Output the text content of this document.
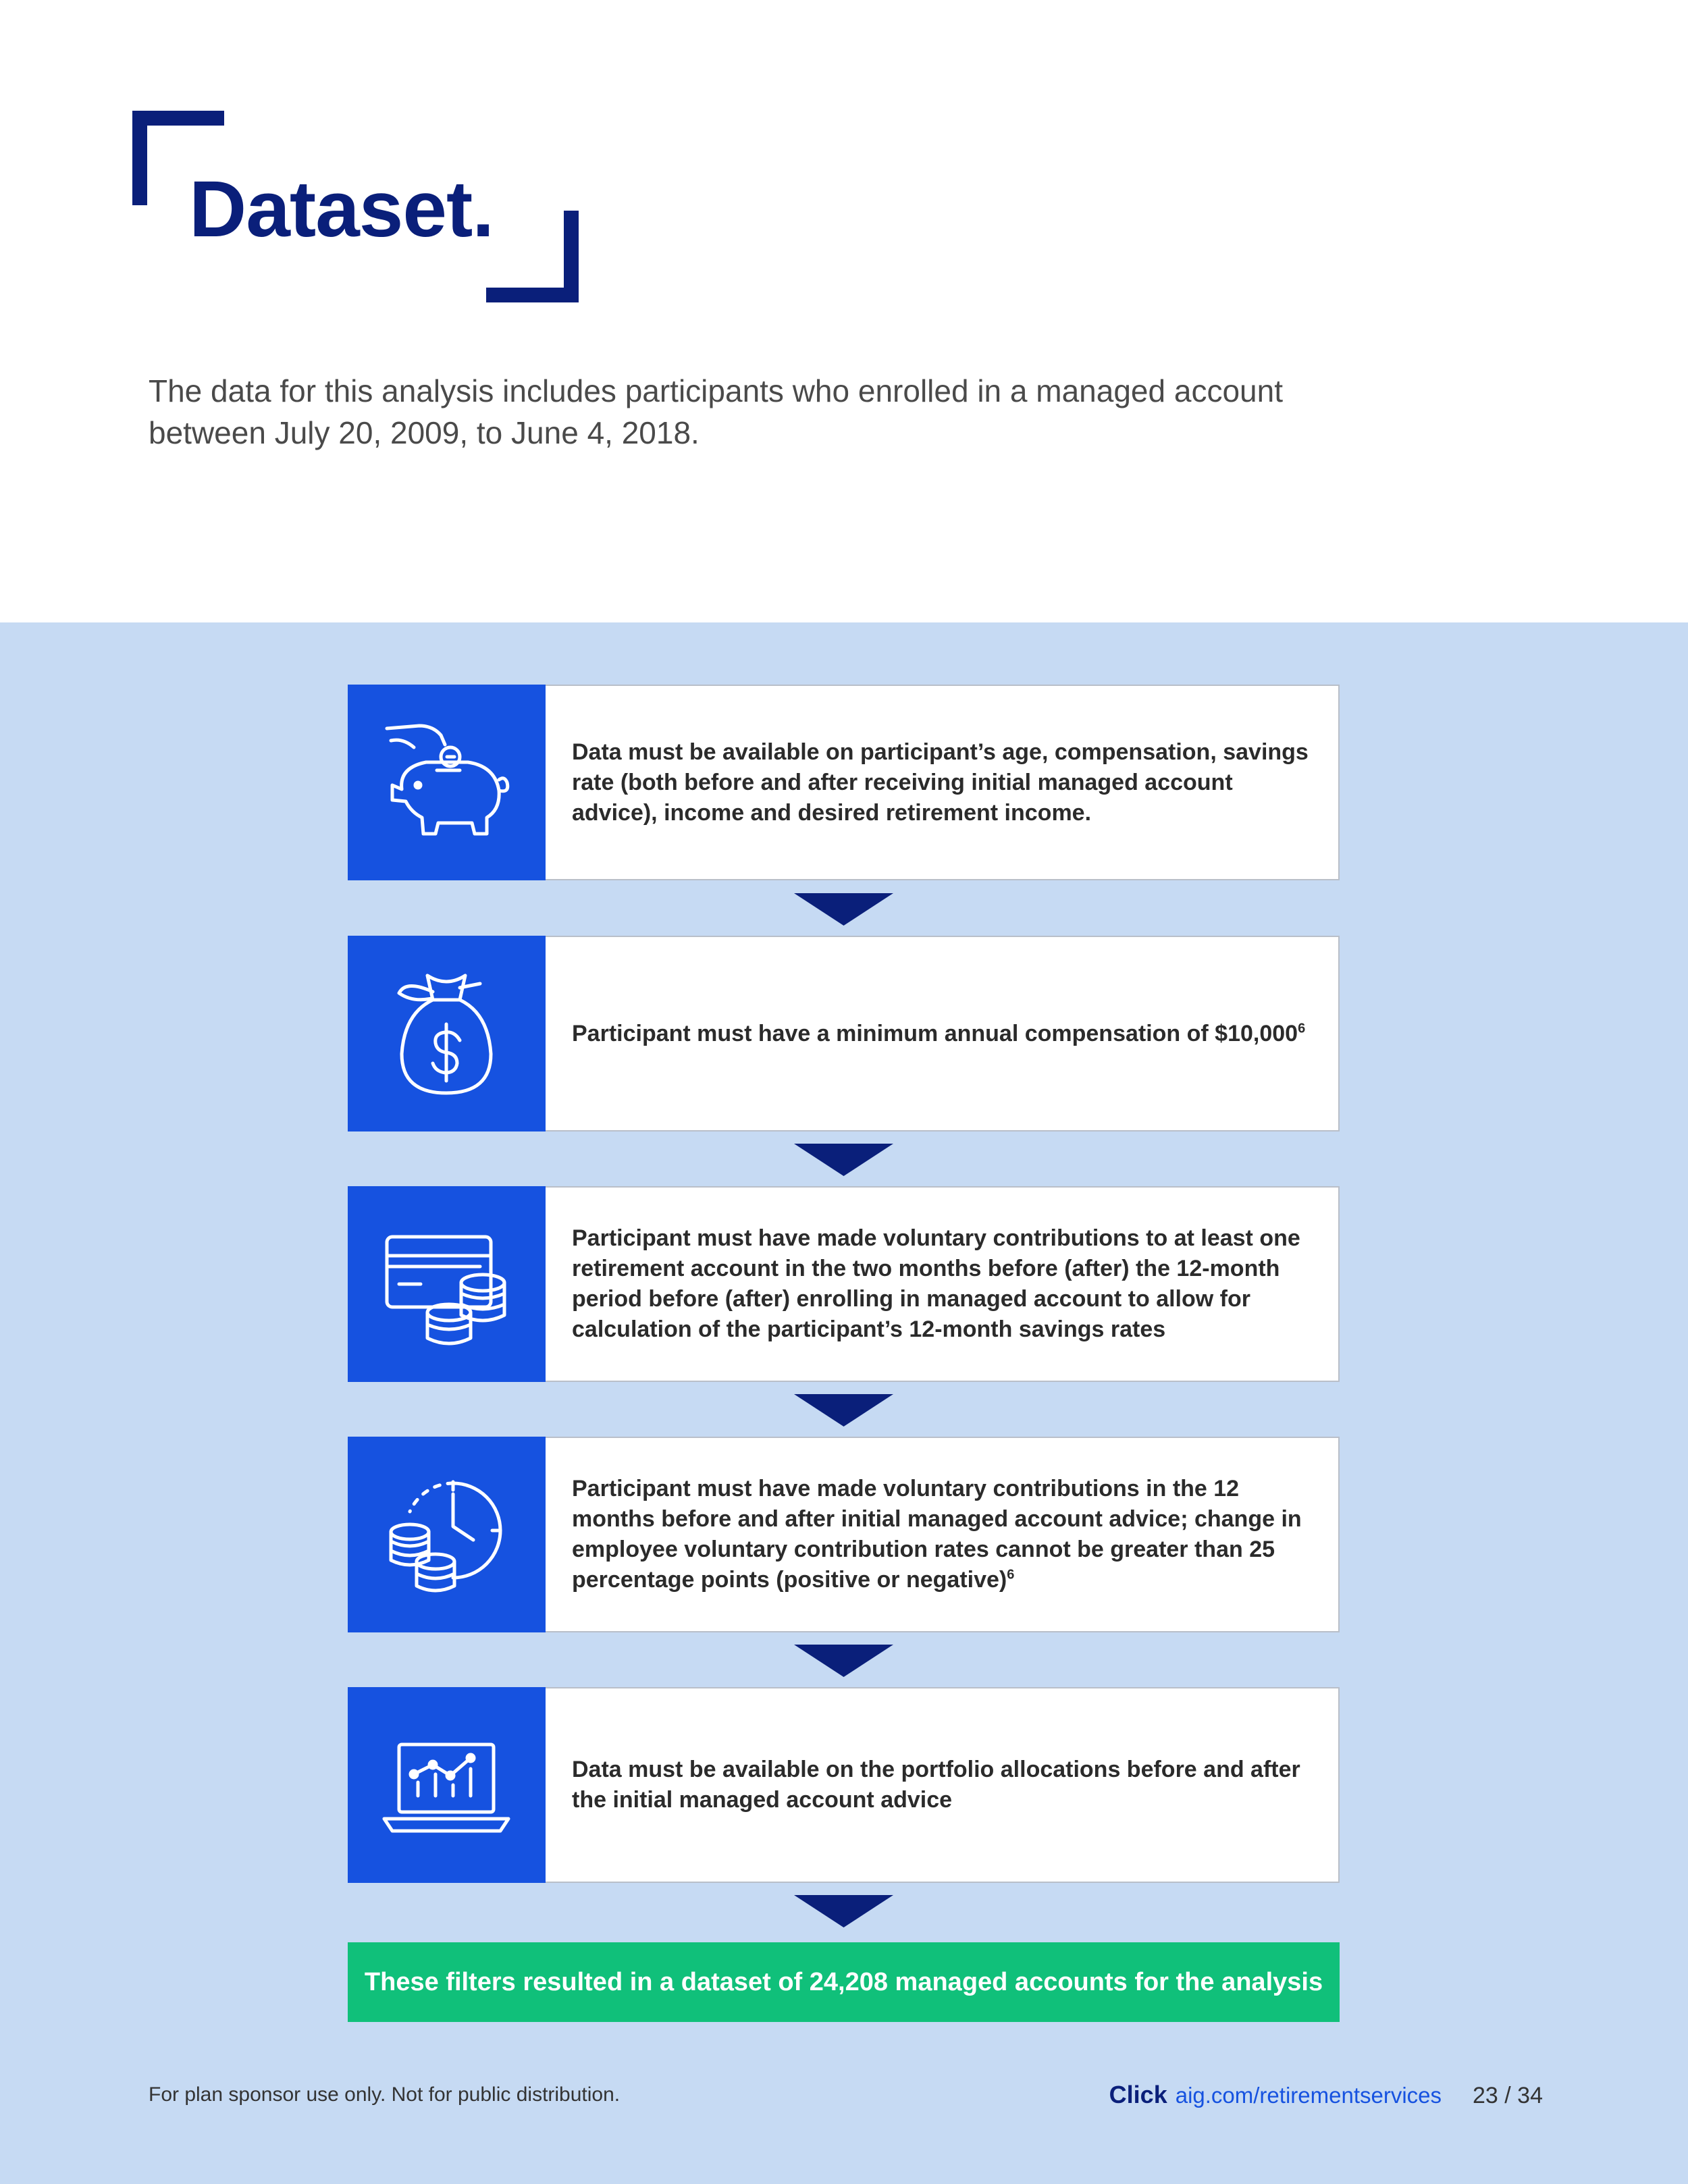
Dataset.

The data for this analysis includes participants who enrolled in a managed account between July 20, 2009, to June 4, 2018.

Data must be available on participant’s age, compensation, savings rate (both before and after receiving initial managed account advice), income and desired retirement income.
Participant must have a minimum annual compensation of $10,000$^6$
Participant must have made voluntary contributions to at least one retirement account in the two months before (after) the 12-month period before (after) enrolling in managed account to allow for calculation of the participant’s 12-month savings rates
Participant must have made voluntary contributions in the 12 months before and after initial managed account advice; change in employee voluntary contribution rates cannot be greater than 25 percentage points (positive or negative)$^6$
Data must be available on the portfolio allocations before and after the initial managed account advice
These filters resulted in a dataset of 24,208 managed accounts for the analysis
For plan sponsor use only. Not for public distribution.	Click aig.com/retirementservices 23 / 34
